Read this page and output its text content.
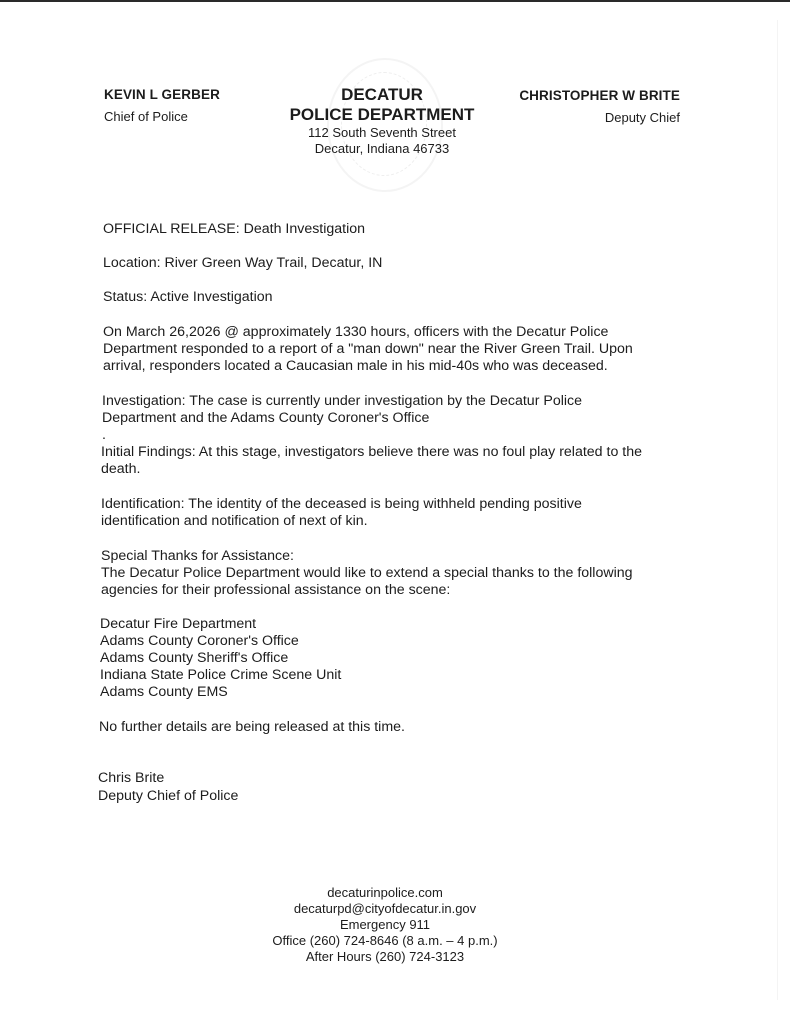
KEVIN L GERBER
Chief of Police
DECATUR
POLICE DEPARTMENT
112 South Seventh Street
Decatur, Indiana 46733
CHRISTOPHER W BRITE
Deputy Chief
OFFICIAL RELEASE: Death Investigation
Location: River Green Way Trail, Decatur, IN
Status: Active Investigation
On March 26,2026 @ approximately 1330 hours, officers with the Decatur Police
Department responded to a report of a "man down" near the River Green Trail. Upon
arrival, responders located a Caucasian male in his mid-40s who was deceased.
Investigation: The case is currently under investigation by the Decatur Police
Department and the Adams County Coroner's Office
.
Initial Findings: At this stage, investigators believe there was no foul play related to the
death.
Identification: The identity of the deceased is being withheld pending positive
identification and notification of next of kin.
Special Thanks for Assistance:
The Decatur Police Department would like to extend a special thanks to the following
agencies for their professional assistance on the scene:
Decatur Fire Department
Adams County Coroner's Office
Adams County Sheriff's Office
Indiana State Police Crime Scene Unit
Adams County EMS
No further details are being released at this time.
Chris Brite
Deputy Chief of Police
decaturinpolice.com
decaturpd@cityofdecatur.in.gov
Emergency 911
Office (260) 724-8646 (8 a.m. – 4 p.m.)
After Hours (260) 724-3123
